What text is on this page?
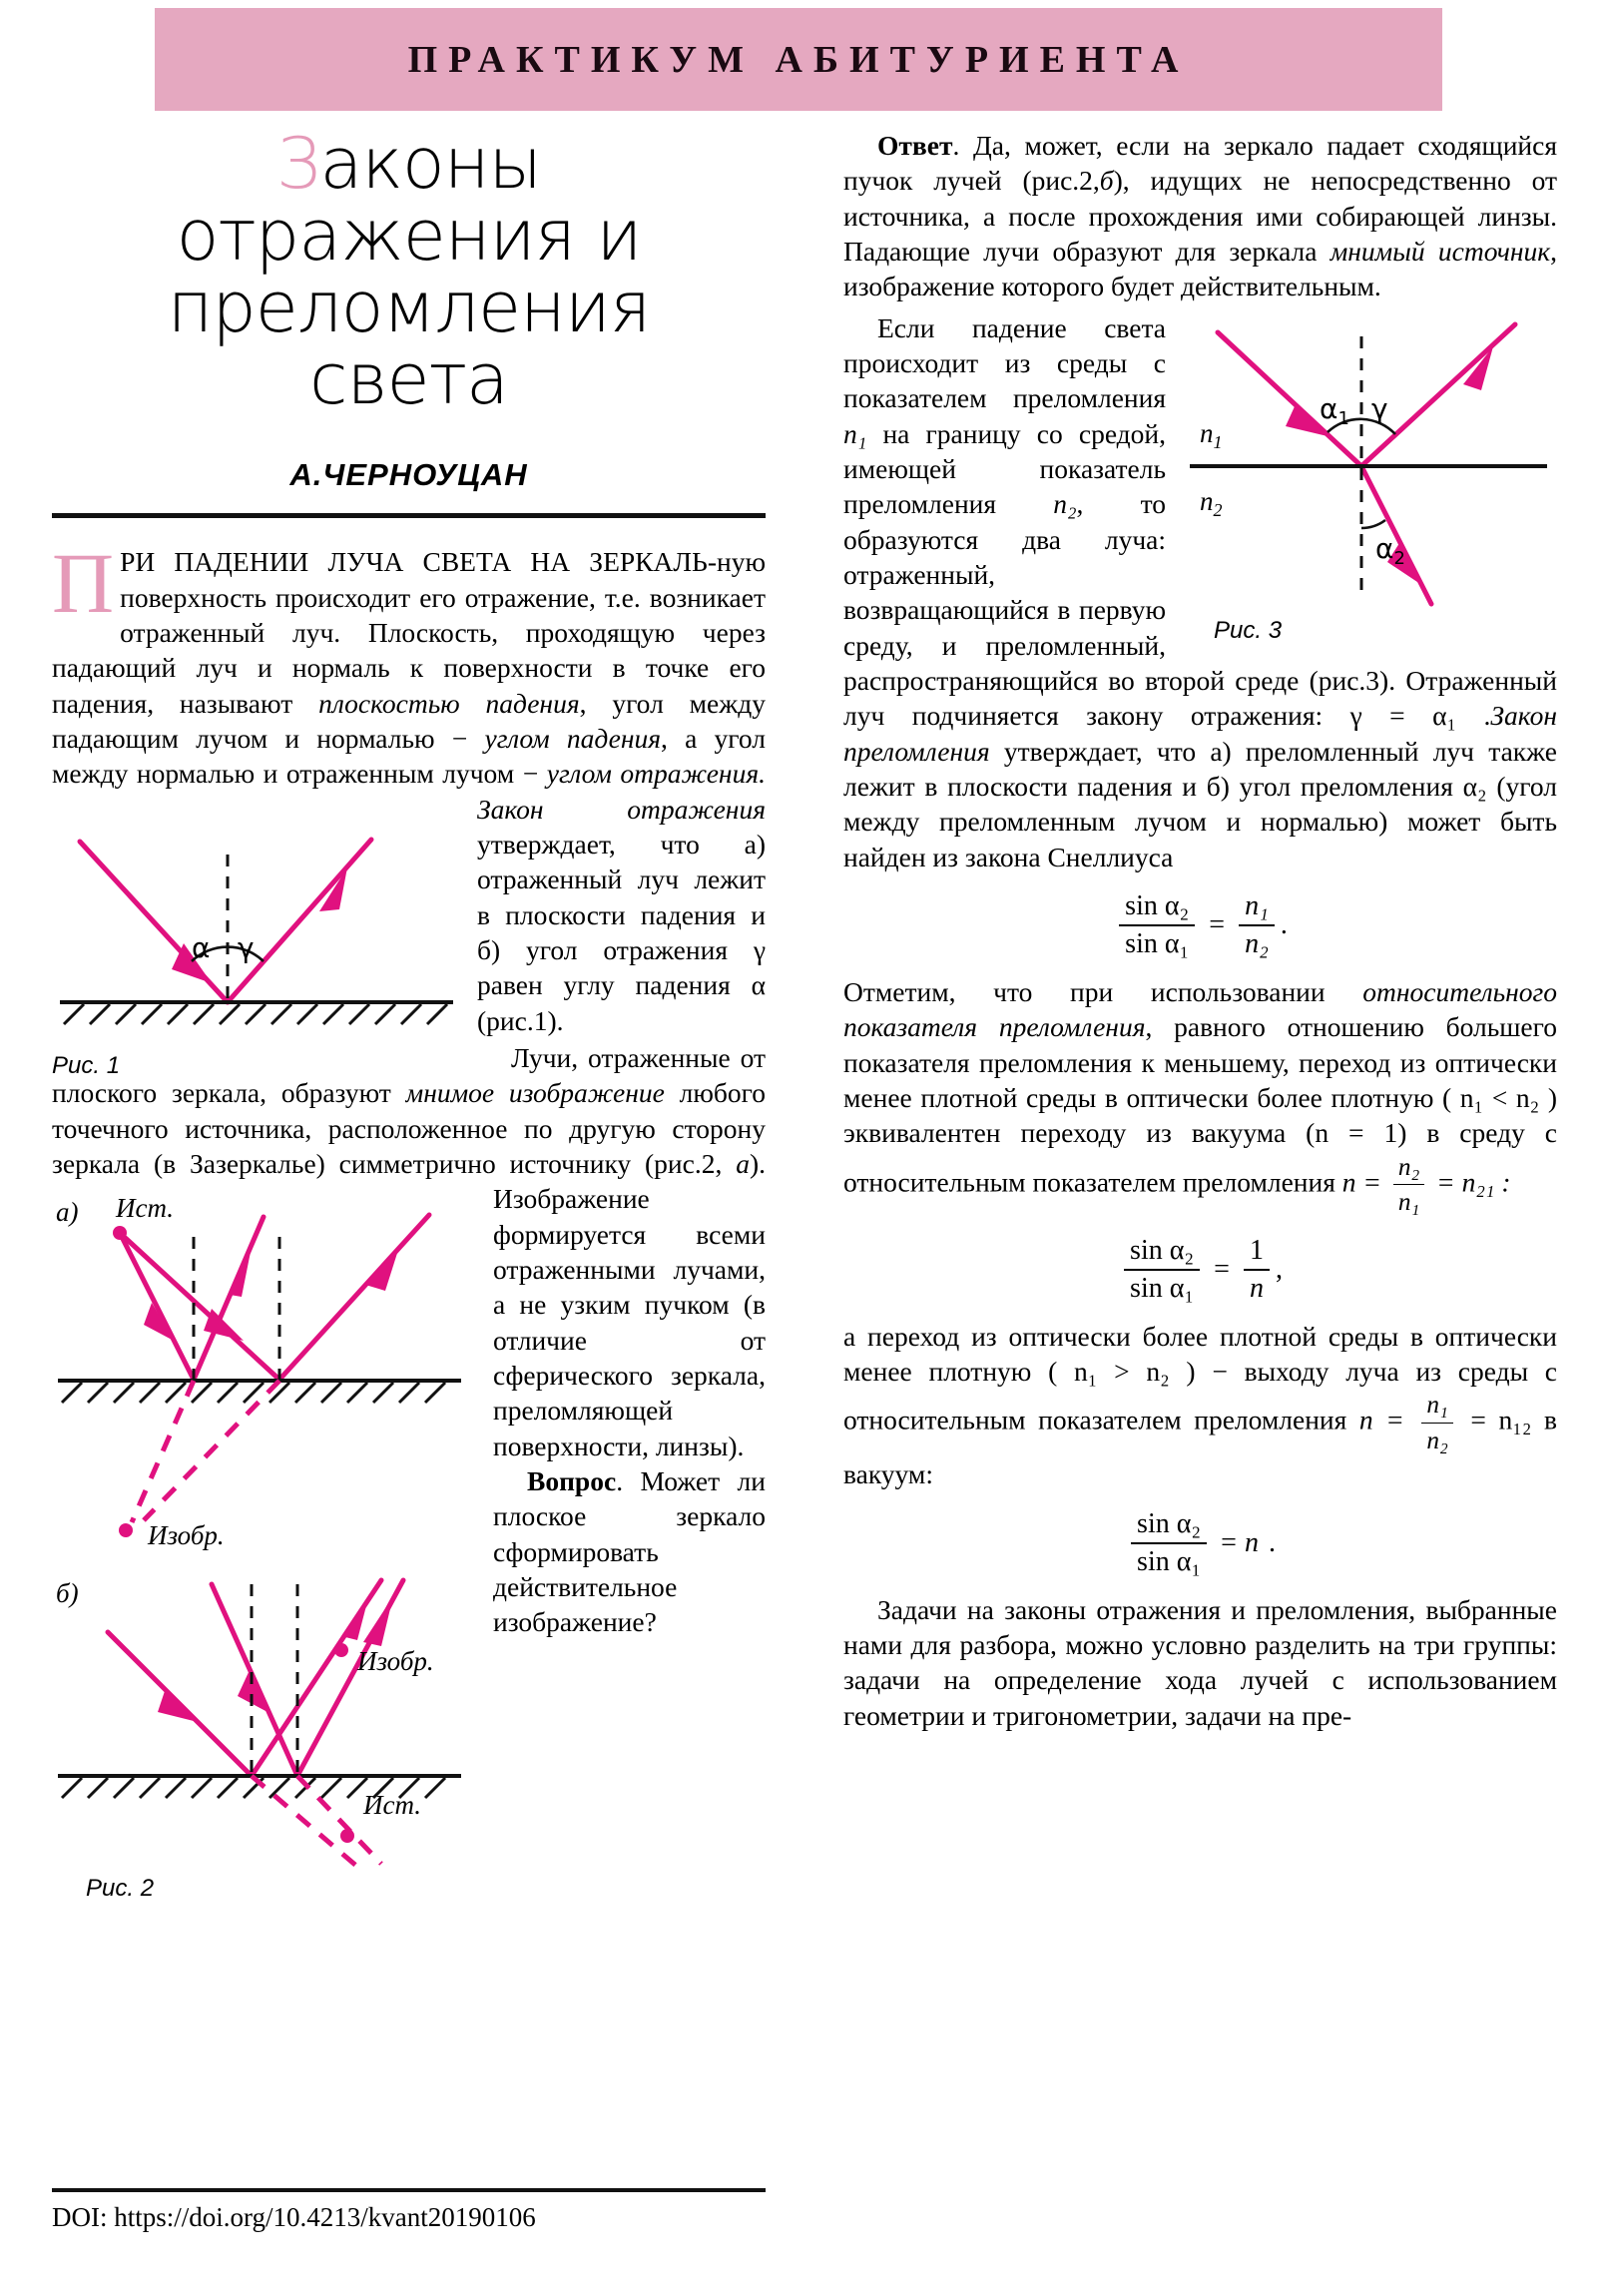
ПРАКТИКУМ АБИТУРИЕНТА
Законы
отражения и
преломления
света
А.ЧЕРНОУЦАН
ПРИ ПАДЕНИИ ЛУЧА СВЕТА НА ЗЕРКАЛЬ-ную поверхность происходит его отражение, т.е. возникает отраженный луч. Плоскость, проходящую через падающий луч и нормаль к поверхности в точке его падения, называют плоскостью падения, угол между падающим лучом и нормалью − углом падения, а угол между нормалью и отраженным лучом −
α γ
Рис. 1
углом отражения. Закон отражения утверждает, что а) отраженный луч лежит в плоскости падения и б) угол отражения γ равен углу падения α (рис.1).
Лучи, отраженные от плоского зеркала, образуют мнимое изображение любого точечного источника, расположенное по другую сторону зеркала (в Зазеркалье) симметрично источнику (рис.2,
а) Ист.
Изобр.
б)
Изобр.
Ист.
Рис. 2
а). Изображение формируется всеми отраженными лучами, а не узким пучком (в отличие от сферического зеркала, преломляющей поверхности, линзы).
Вопрос. Может ли плоское зеркало сформировать действительное изображение?
Ответ. Да, может, если на зеркало падает сходящийся пучок лучей (рис.2,б), идущих не непосредственно от источника, а после прохождения ими собирающей линзы. Падающие лучи образуют для зеркала мнимый источник, изображение которого будет действительным.
$\alpha_1$ γ
$n_1$
$n_2$
$\alpha_2$
Рис. 3
Если падение света происходит из среды с показателем преломления n₁ на границу со средой, имеющей показатель преломления n₂, то образуются два луча: отраженный, возвращающийся в первую среду, и преломленный, распространяющийся во второй среде (рис.3). Отраженный луч подчиняется закону отражения: γ = α₁ .Закон преломления утверждает, что а) преломленный луч также лежит в плоскости падения и б) угол преломления α₂ (угол между преломленным лучом и нормалью) может быть найден из закона Снеллиуса
$\frac{\text{sin α₂}}{\text{sin α₁}} = \frac{\text{n₁}}{\text{n₂}}$ .
Отметим, что при использовании относительного показателя преломления, равного отношению большего показателя преломления к меньшему, переход из оптически менее плотной среды в оптически более плотную ( n₁ < n₂ ) эквивалентен переходу из вакуума (n = 1) в среду с относительным показателем преломления $n = \frac{\text{n₂}}{\text{n₁}} = n_{21}$ :
$\frac{\text{sin α₂}}{\text{sin α₁}} = \frac{1}{n}$ ,
а переход из оптически более плотной среды в оптически менее плотную ( n₁ > n₂ ) − выходу луча из среды с относительным показателем преломления $n = \frac{\text{n₁}}{\text{n₂}} = n_{12}$ в вакуум:
$\frac{\text{sin α₂}}{\text{sin α₁}} = n$ .
Задачи на законы отражения и преломления, выбранные нами для разбора, можно условно разделить на три группы: задачи на определение хода лучей с использованием геометрии и тригонометрии, задачи на пре-
DOI: https://doi.org/10.4213/kvant20190106
